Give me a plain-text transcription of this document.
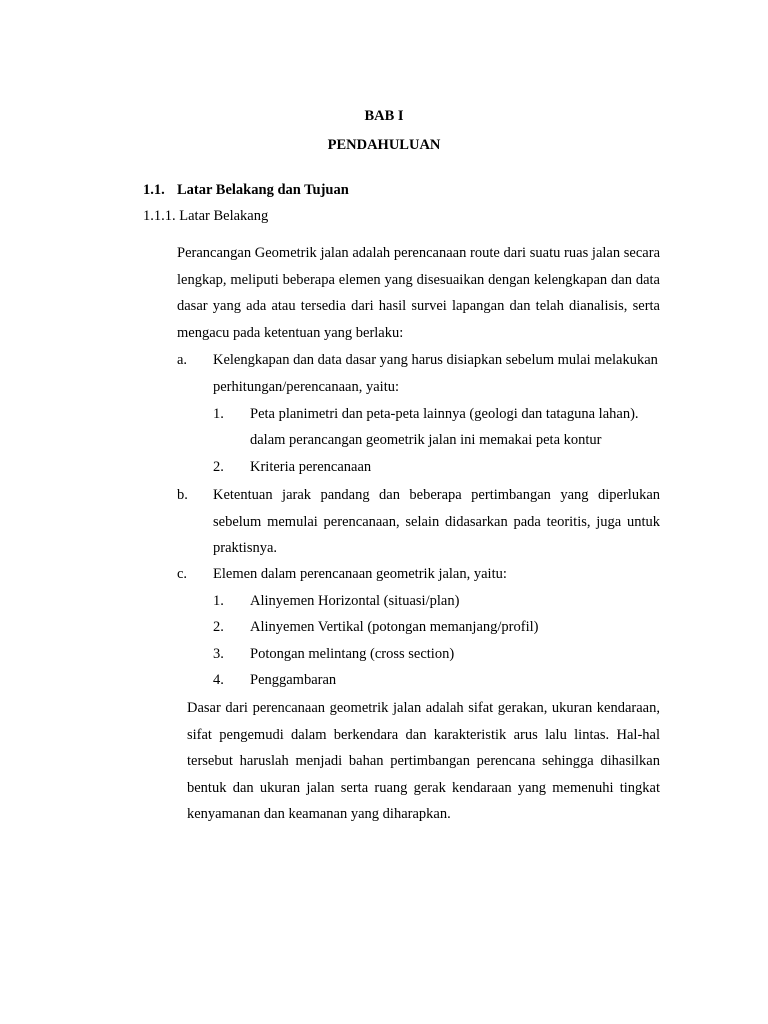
BAB I
PENDAHULUAN
1.1. Latar Belakang dan Tujuan
1.1.1. Latar Belakang
Perancangan Geometrik jalan adalah perencanaan route dari suatu ruas jalan secara lengkap, meliputi beberapa elemen yang disesuaikan dengan kelengkapan dan data dasar yang ada atau tersedia dari hasil survei lapangan dan telah dianalisis, serta mengacu pada ketentuan yang berlaku:
a. Kelengkapan dan data dasar yang harus disiapkan sebelum mulai melakukan perhitungan/perencanaan, yaitu:
1. Peta planimetri dan peta-peta lainnya (geologi dan tataguna lahan).
dalam perancangan geometrik jalan ini memakai peta kontur
2. Kriteria perencanaan
b. Ketentuan jarak pandang dan beberapa pertimbangan yang diperlukan sebelum memulai perencanaan, selain didasarkan pada teoritis, juga untuk praktisnya.
c. Elemen dalam perencanaan geometrik jalan, yaitu:
1. Alinyemen Horizontal (situasi/plan)
2. Alinyemen Vertikal (potongan memanjang/profil)
3. Potongan melintang (cross section)
4. Penggambaran
Dasar dari perencanaan geometrik jalan adalah sifat gerakan, ukuran kendaraan, sifat pengemudi dalam berkendara dan karakteristik arus lalu lintas. Hal-hal tersebut haruslah menjadi bahan pertimbangan perencana sehingga dihasilkan bentuk dan ukuran jalan serta ruang gerak kendaraan yang memenuhi tingkat kenyamanan dan keamanan yang diharapkan.
